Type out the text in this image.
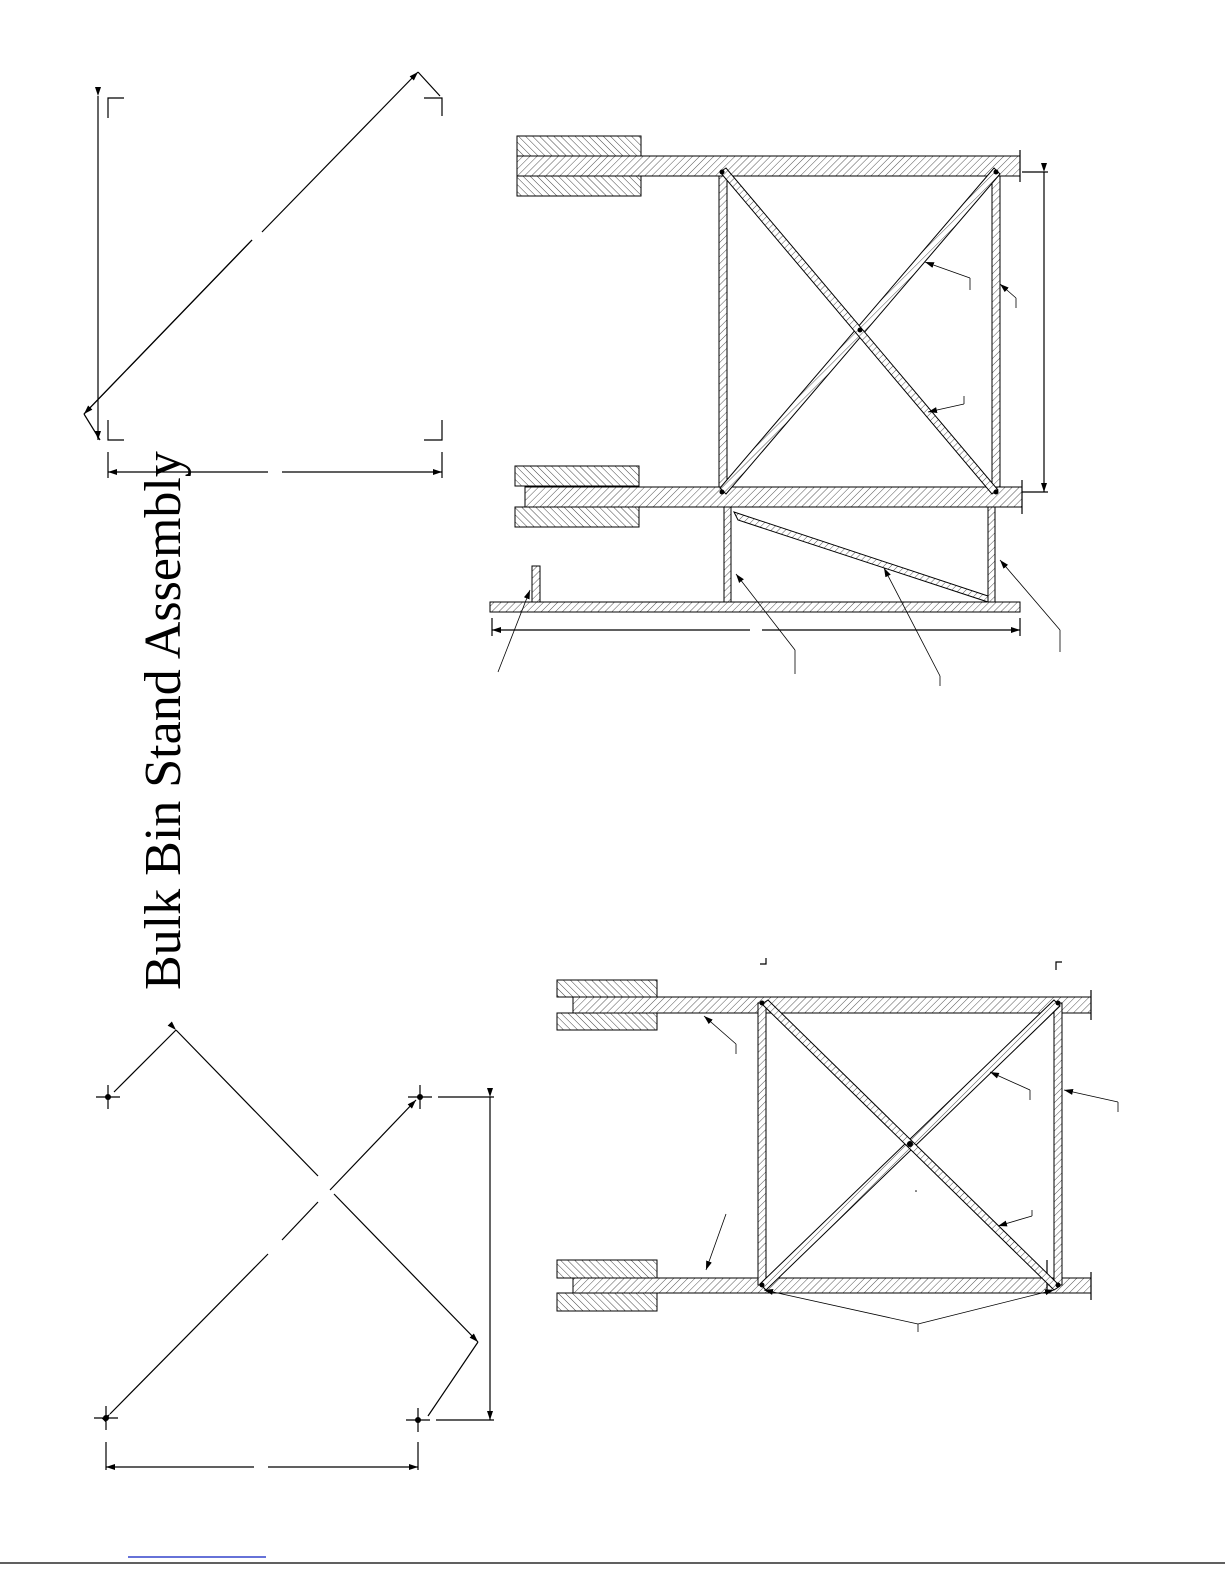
Bulk Bin Stand Assembly
